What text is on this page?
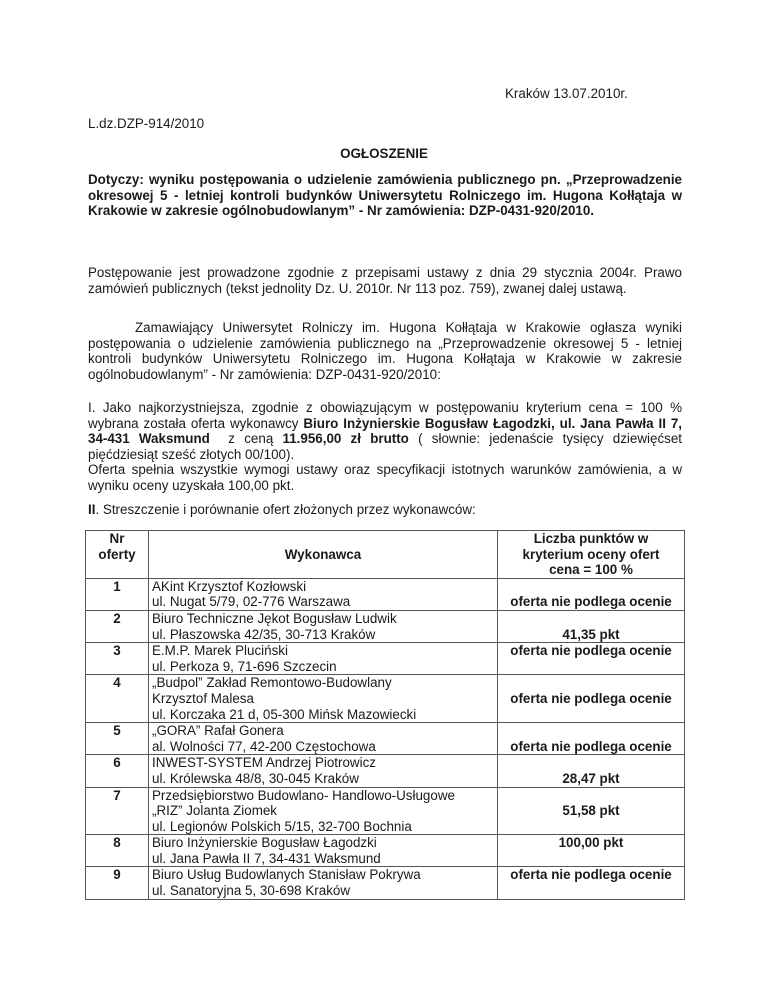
Kraków 13.07.2010r.
L.dz.DZP-914/2010
OGŁOSZENIE
Dotyczy: wyniku postępowania o udzielenie zamówienia publicznego pn. „Przeprowadzenie okresowej 5 - letniej kontroli budynków Uniwersytetu Rolniczego im. Hugona Kołłątaja w Krakowie w zakresie ogólnobudowlanym” - Nr zamówienia: DZP-0431-920/2010.
Postępowanie jest prowadzone zgodnie z przepisami ustawy z dnia 29 stycznia 2004r. Prawo zamówień publicznych (tekst jednolity Dz. U. 2010r. Nr 113 poz. 759), zwanej dalej ustawą.
Zamawiający Uniwersytet Rolniczy im. Hugona Kołłątaja w Krakowie ogłasza wyniki postępowania o udzielenie zamówienia publicznego na „Przeprowadzenie okresowej 5 - letniej kontroli budynków Uniwersytetu Rolniczego im. Hugona Kołłątaja w Krakowie w zakresie ogólnobudowlanym” - Nr zamówienia: DZP-0431-920/2010:

I. Jako najkorzystniejsza, zgodnie z obowiązującym w postępowaniu kryterium cena = 100 % wybrana została oferta wykonawcy Biuro Inżynierskie Bogusław Łagodzki, ul. Jana Pawła II 7, 34-431 Waksmund  z ceną 11.956,00 zł brutto ( słownie: jedenaście tysięcy dziewięćset pięćdziesiąt sześć złotych 00/100).

Oferta spełnia wszystkie wymogi ustawy oraz specyfikacji istotnych warunków zamówienia, a w wyniku oceny uzyskała 100,00 pkt.

II. Streszczenie i porównanie ofert złożonych przez wykonawców:
Nr
oferty	Wykonawca	Liczba punktów w
kryterium oceny ofert
cena = 100 %

1	AKint Krzysztof Kozłowski
ul. Nugat 5/79, 02-776 Warszawa	oferta nie podlega ocenie

2	Biuro Techniczne Jękot Bogusław Ludwik
ul. Płaszowska 42/35, 30-713 Kraków	41,35 pkt

3	E.M.P. Marek Pluciński
ul. Perkoza 9, 71-696 Szczecin	oferta nie podlega ocenie

4	„Budpol” Zakład Remontowo-Budowlany
Krzysztof Malesa
ul. Korczaka 21 d, 05-300 Mińsk Mazowiecki	oferta nie podlega ocenie

5	„GORA” Rafał Gonera
al. Wolności 77, 42-200 Częstochowa	oferta nie podlega ocenie

6	INWEST-SYSTEM Andrzej Piotrowicz
ul. Królewska 48/8, 30-045 Kraków	28,47 pkt

7	Przedsiębiorstwo Budowlano- Handlowo-Usługowe
„RIZ” Jolanta Ziomek
ul. Legionów Polskich 5/15, 32-700 Bochnia	51,58 pkt

8	Biuro Inżynierskie Bogusław Łagodzki
ul. Jana Pawła II 7, 34-431 Waksmund	100,00 pkt

9	Biuro Usług Budowlanych Stanisław Pokrywa
ul. Sanatoryjna 5, 30-698 Kraków	oferta nie podlega ocenie
